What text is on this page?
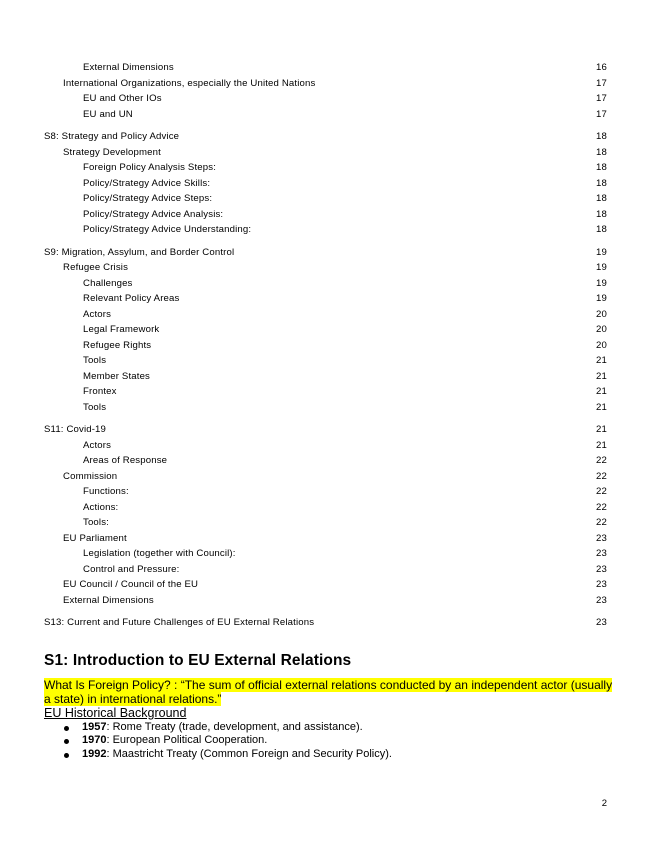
External Dimensions	16
International Organizations, especially the United Nations	17
EU and Other IOs	17
EU and UN	17
S8: Strategy and Policy Advice	18
Strategy Development	18
Foreign Policy Analysis Steps:	18
Policy/Strategy Advice Skills:	18
Policy/Strategy Advice Steps:	18
Policy/Strategy Advice Analysis:	18
Policy/Strategy Advice Understanding:	18
S9: Migration, Assylum, and Border Control	19
Refugee Crisis	19
Challenges	19
Relevant Policy Areas	19
Actors	20
Legal Framework	20
Refugee Rights	20
Tools	21
Member States	21
Frontex	21
Tools	21
S11: Covid-19	21
Actors	21
Areas of Response	22
Commission	22
Functions:	22
Actions:	22
Tools:	22
EU Parliament	23
Legislation (together with Council):	23
Control and Pressure:	23
EU Council / Council of the EU	23
External Dimensions	23
S13: Current and Future Challenges of EU External Relations	23
S1: Introduction to EU External Relations
What Is Foreign Policy? : “The sum of official external relations conducted by an independent actor (usually a state) in international relations.”
EU Historical Background
1957: Rome Treaty (trade, development, and assistance).
1970: European Political Cooperation.
1992: Maastricht Treaty (Common Foreign and Security Policy).
2
